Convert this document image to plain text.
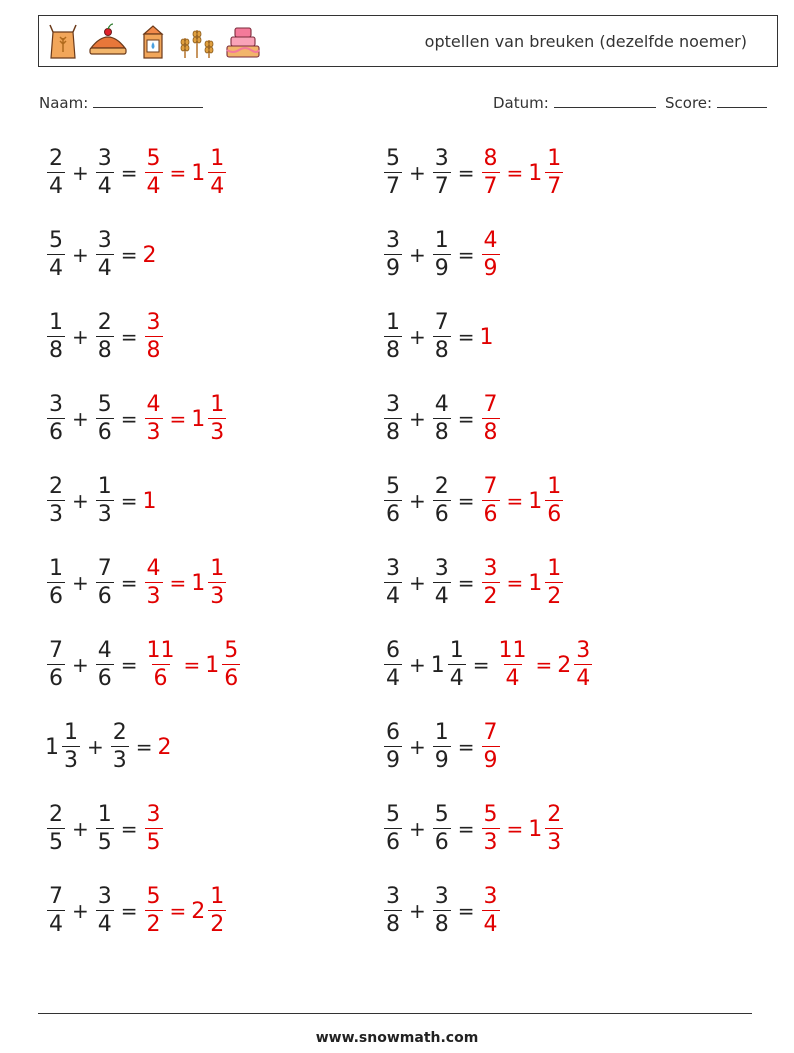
optellen van breuken (dezelfde noemer)
Naam:	Datum:	Score:
$\frac{2}{4} + \frac{3}{4} = \frac{5}{4} = 1 \frac{1}{4}$	$\frac{5}{7} + \frac{3}{7} = \frac{8}{7} = 1 \frac{1}{7}$
$\frac{5}{4} + \frac{3}{4} = 2$	$\frac{3}{9} + \frac{1}{9} = \frac{4}{9}$
$\frac{1}{8} + \frac{2}{8} = \frac{3}{8}$	$\frac{1}{8} + \frac{7}{8} = 1$
$\frac{3}{6} + \frac{5}{6} = \frac{4}{3} = 1 \frac{1}{3}$	$\frac{3}{8} + \frac{4}{8} = \frac{7}{8}$
$\frac{2}{3} + \frac{1}{3} = 1$	$\frac{5}{6} + \frac{2}{6} = \frac{7}{6} = 1 \frac{1}{6}$
$\frac{1}{6} + \frac{7}{6} = \frac{4}{3} = 1 \frac{1}{3}$	$\frac{3}{4} + \frac{3}{4} = \frac{3}{2} = 1 \frac{1}{2}$
$\frac{7}{6} + \frac{4}{6} = \frac{11}{6} = 1 \frac{5}{6}$	$\frac{6}{4} + 1 \frac{1}{4} = \frac{11}{4} = 2 \frac{3}{4}$
$1 \frac{1}{3} + \frac{2}{3} = 2$	$\frac{6}{9} + \frac{1}{9} = \frac{7}{9}$
$\frac{2}{5} + \frac{1}{5} = \frac{3}{5}$	$\frac{5}{6} + \frac{5}{6} = \frac{5}{3} = 1 \frac{2}{3}$
$\frac{7}{4} + \frac{3}{4} = \frac{5}{2} = 2 \frac{1}{2}$	$\frac{3}{8} + \frac{3}{8} = \frac{3}{4}$
www.snowmath.com
